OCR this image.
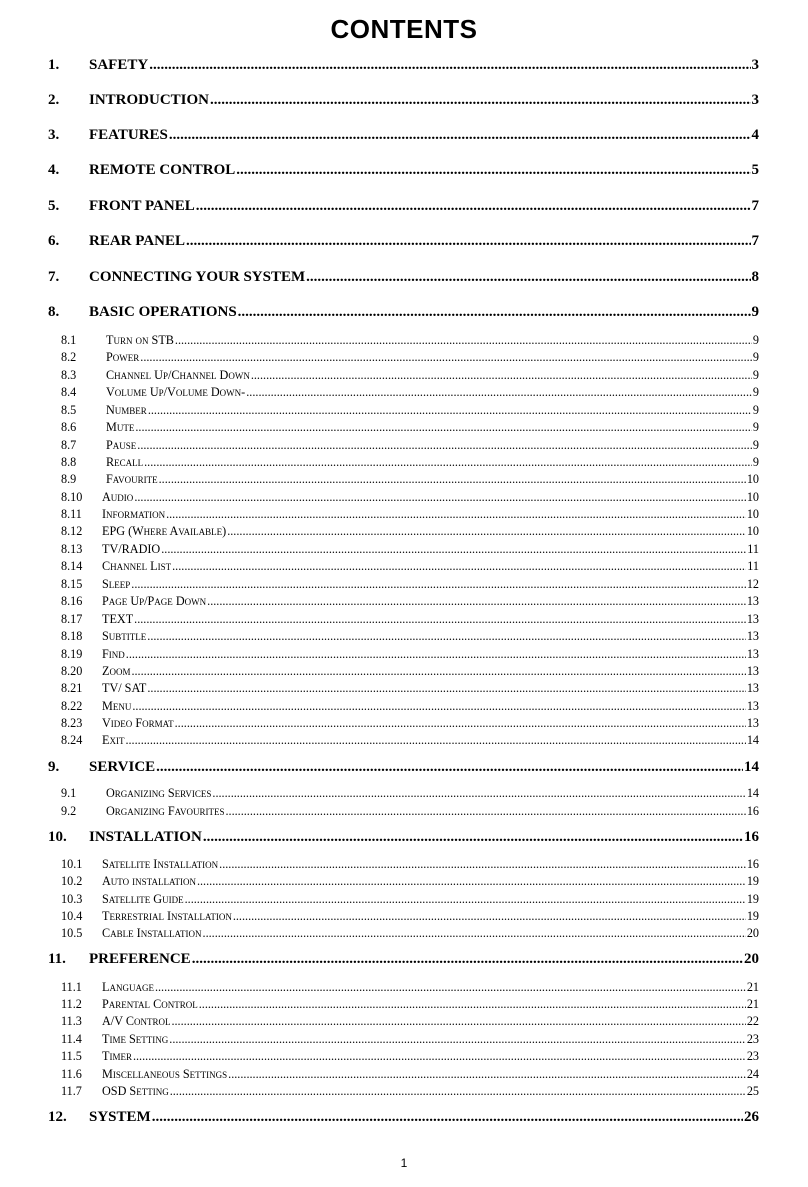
CONTENTS
1.	SAFETY .....	3
2.	INTRODUCTION .....	3
3.	FEATURES .....	4
4.	REMOTE CONTROL .....	5
5.	FRONT PANEL .....	7
6.	REAR PANEL .....	7
7.	CONNECTING YOUR SYSTEM .....	8
8.	BASIC OPERATIONS .....	9
8.1	Turn on STB .....	9
8.2	Power .....	9
8.3	Channel Up/Channel Down .....	9
8.4	Volume Up/Volume Down- .....	9
8.5	Number .....	9
8.6	Mute .....	9
8.7	Pause .....	9
8.8	Recall .....	9
8.9	Favourite .....	10
8.10	Audio .....	10
8.11	Information .....	10
8.12	EPG (Where Available) .....	10
8.13	TV/RADIO .....	11
8.14	Channel List .....	11
8.15	Sleep .....	12
8.16	Page Up/Page Down .....	13
8.17	TEXT .....	13
8.18	Subtitle .....	13
8.19	Find .....	13
8.20	Zoom .....	13
8.21	TV/ SAT .....	13
8.22	Menu .....	13
8.23	Video Format .....	13
8.24	Exit .....	14
9.	SERVICE .....	14
9.1	Organizing Services .....	14
9.2	Organizing Favourites .....	16
10.	INSTALLATION .....	16
10.1	Satellite Installation .....	16
10.2	Auto installation .....	19
10.3	Satellite Guide .....	19
10.4	Terrestrial Installation .....	19
10.5	Cable Installation .....	20
11.	PREFERENCE .....	20
11.1	Language .....	21
11.2	Parental Control .....	21
11.3	A/V Control .....	22
11.4	Time Setting .....	23
11.5	Timer .....	23
11.6	Miscellaneous Settings .....	24
11.7	OSD Setting .....	25
12.	SYSTEM .....	26
1
